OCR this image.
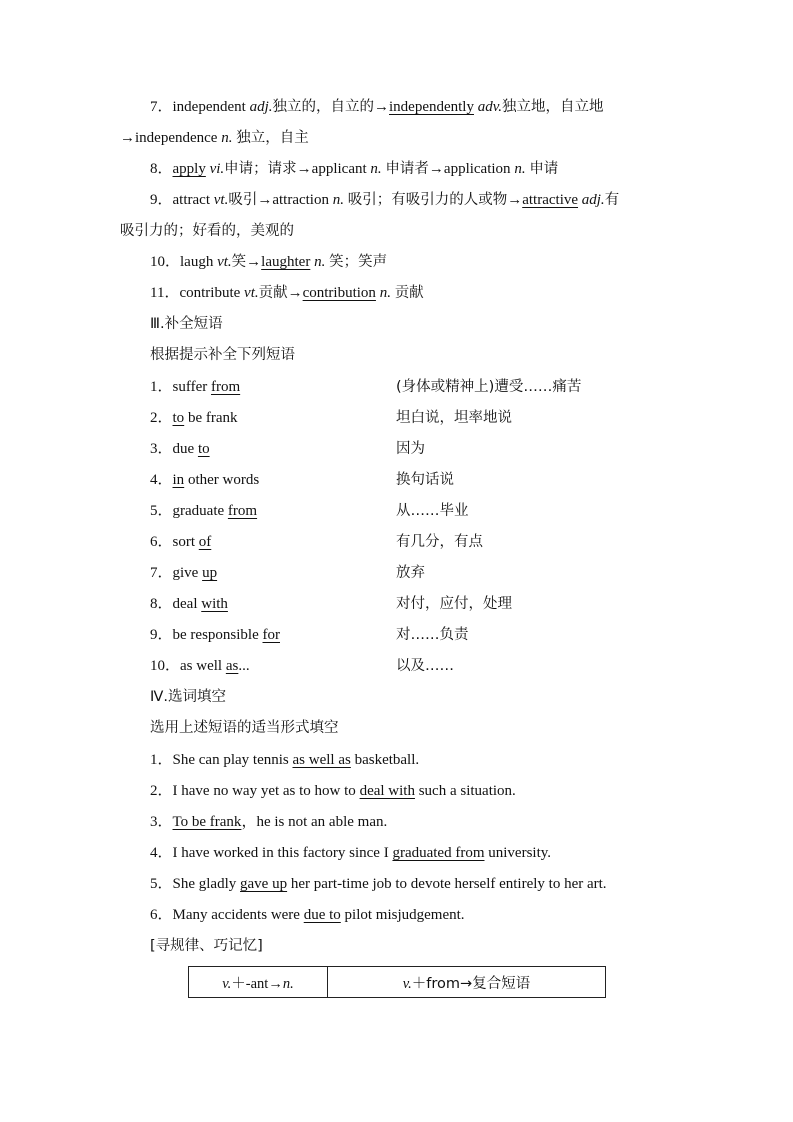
7．independent adj.独立的，自立的→independently adv.独立地，自立地
→independence n. 独立，自主
8．apply vi.申请；请求→applicant n. 申请者→application n. 申请
9．attract vt.吸引→attraction n. 吸引；有吸引力的人或物→attractive adj.有
吸引力的；好看的，美观的
10．laugh vt.笑→laughter n. 笑；笑声
11．contribute vt.贡献→contribution n. 贡献
Ⅲ.补全短语
根据提示补全下列短语
1．suffer from	(身体或精神上)遭受……痛苦
2．to be frank	坦白说，坦率地说
3．due to	因为
4．in other words	换句话说
5．graduate from	从……毕业
6．sort of	有几分，有点
7．give up	放弃
8．deal with	对付，应付，处理
9．be responsible for	对……负责
10．as well as...	以及……
Ⅳ.选词填空
选用上述短语的适当形式填空
1．She can play tennis as well as basketball.
2．I have no way yet as to how to deal with such a situation.
3．To be frank，he is not an able man.
4．I have worked in this factory since I graduated from university.
5．She gladly gave up her part-time job to devote herself entirely to her art.
6．Many accidents were due to pilot misjudgement.
[寻规律、巧记忆]
v.＋-ant→n.	v.＋from→复合短语
